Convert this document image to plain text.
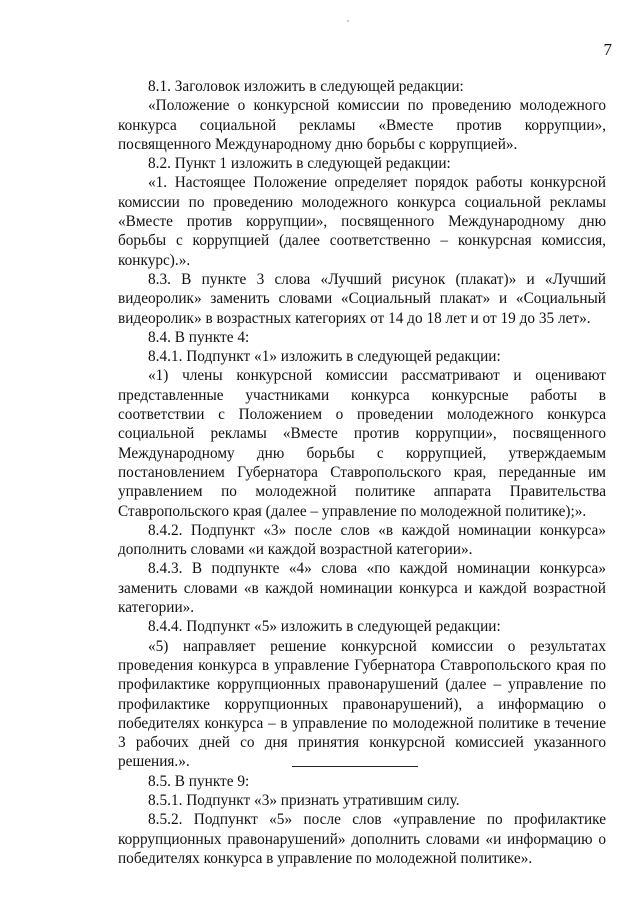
7

8.1. Заголовок изложить в следующей редакции:

«Положение о конкурсной комиссии по проведению молодежного конкурса социальной рекламы «Вместе против коррупции», посвященного Международному дню борьбы с коррупцией».

8.2. Пункт 1 изложить в следующей редакции:

«1. Настоящее Положение определяет порядок работы конкурсной комиссии по проведению молодежного конкурса социальной рекламы «Вместе против коррупции», посвященного Международному дню борьбы с коррупцией (далее соответственно – конкурсная комиссия, конкурс).».

8.3. В пункте 3 слова «Лучший рисунок (плакат)» и «Лучший видеоролик» заменить словами «Социальный плакат» и «Социальный видеоролик» в возрастных категориях от 14 до 18 лет и от 19 до 35 лет».

8.4. В пункте 4:

8.4.1. Подпункт «1» изложить в следующей редакции:

«1) члены конкурсной комиссии рассматривают и оценивают представленные участниками конкурса конкурсные работы в соответствии с Положением о проведении молодежного конкурса социальной рекламы «Вместе против коррупции», посвященного Международному дню борьбы с коррупцией, утверждаемым постановлением Губернатора Ставропольского края, переданные им управлением по молодежной политике аппарата Правительства Ставропольского края (далее – управление по молодежной политике);».

8.4.2. Подпункт «3» после слов «в каждой номинации конкурса» дополнить словами «и каждой возрастной категории».

8.4.3. В подпункте «4» слова «по каждой номинации конкурса» заменить словами «в каждой номинации конкурса и каждой возрастной категории».

8.4.4. Подпункт «5» изложить в следующей редакции:

«5) направляет решение конкурсной комиссии о результатах проведения конкурса в управление Губернатора Ставропольского края по профилактике коррупционных правонарушений (далее – управление по профилактике коррупционных правонарушений), а информацию о победителях конкурса – в управление по молодежной политике в течение 3 рабочих дней со дня принятия конкурсной комиссией указанного решения.».

8.5. В пункте 9:

8.5.1. Подпункт «3» признать утратившим силу.

8.5.2. Подпункт «5» после слов «управление по профилактике коррупционных правонарушений» дополнить словами «и информацию о победителях конкурса в управление по молодежной политике».
